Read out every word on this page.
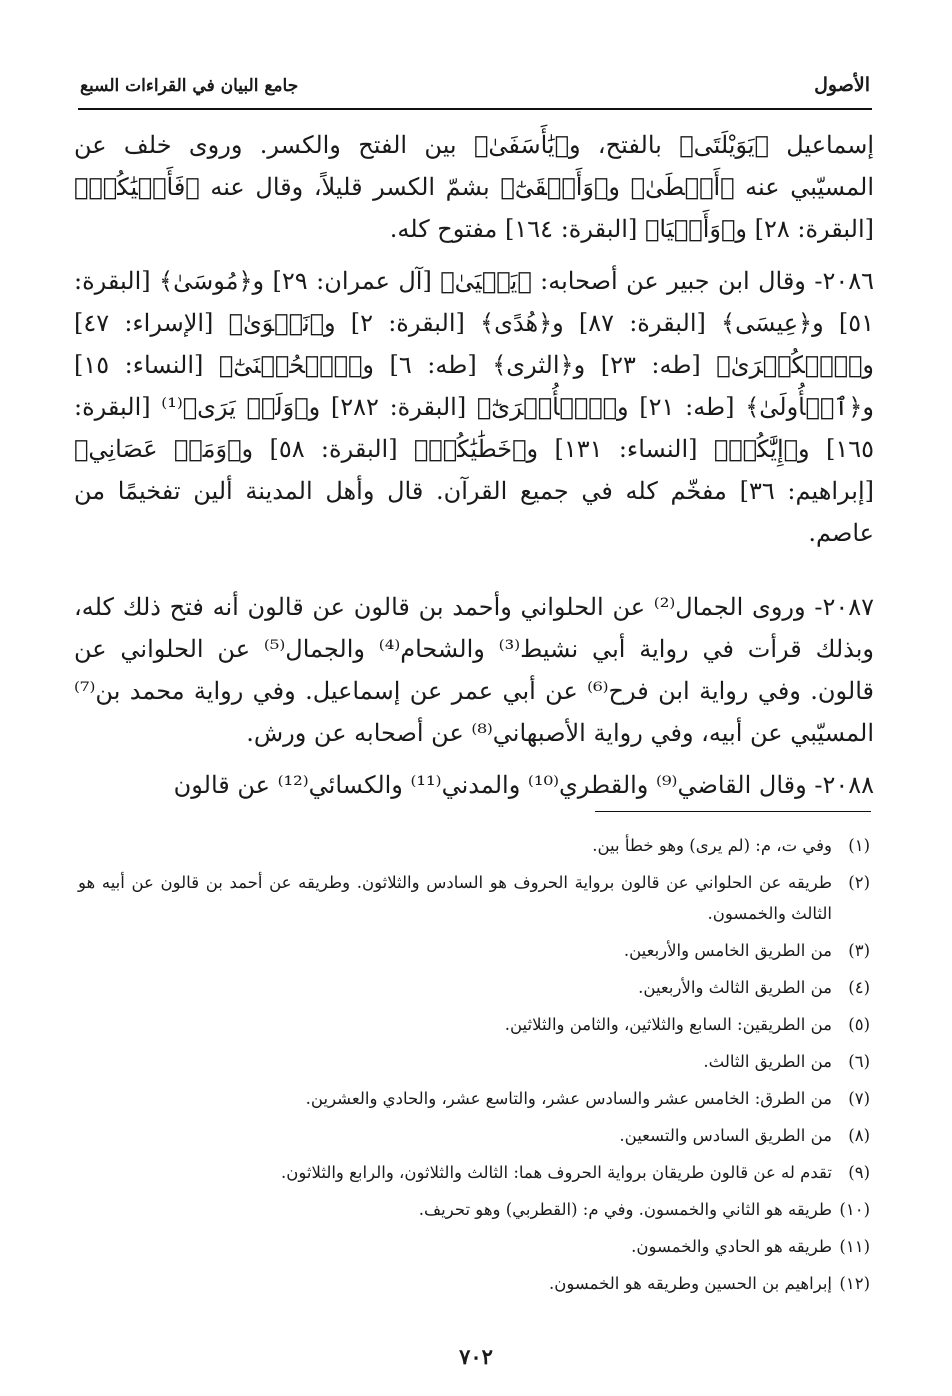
الأصول
جامع البيان في القراءات السبع

إسماعيل ﴿يَوَيْلَتَى﴾ بالفتح، و﴿يَٰأَسَفَىٰ﴾ بين الفتح والكسر. وروى خلف عن المسيّبي عنه ﴿أَعۡطَىٰ﴾ و﴿وَأَبۡقَىٰٓ﴾ بشمّ الكسر قليلاً، وقال عنه ﴿فَأَحۡيَٰكُمۡ﴾ [البقرة: ٢٨] و﴿وَأَحۡيَا﴾ [البقرة: ١٦٤] مفتوح كله.

٢٠٨٦- وقال ابن جبير عن أصحابه: ﴿يَحۡيَىٰ﴾ [آل عمران: ٢٩] و﴿مُوسَىٰ﴾ [البقرة: ٥١] و﴿عِيسَى﴾ [البقرة: ٨٧] و﴿هُدًى﴾ [البقرة: ٢] و﴿نَجۡوَىٰ﴾ [الإسراء: ٤٧] و﴿ٱلۡكُبۡرَىٰ﴾ [طه: ٢٣] و﴿الثرى﴾ [طه: ٦] و﴿ٱلۡحُسۡنَىٰٓ﴾ [النساء: ١٥] و﴿ٱلۡأُولَىٰ﴾ [طه: ٢١] و﴿ٱلۡأُخۡرَىٰٓ﴾ [البقرة: ٢٨٢] و﴿وَلَوۡ يَرَى﴾⁽¹⁾ [البقرة: ١٦٥] و﴿إِيَّٰكُمۡ﴾ [النساء: ١٣١] و﴿خَطَٰيَٰكُمۡ﴾ [البقرة: ٥٨] و﴿وَمَنۡ عَصَانِي﴾ [إبراهيم: ٣٦] مفخّم كله في جميع القرآن. قال وأهل المدينة ألين تفخيمًا من عاصم.

٢٠٨٧- وروى الجمال⁽²⁾ عن الحلواني وأحمد بن قالون عن قالون أنه فتح ذلك كله، وبذلك قرأت في رواية أبي نشيط⁽³⁾ والشحام⁽⁴⁾ والجمال⁽⁵⁾ عن الحلواني عن قالون. وفي رواية ابن فرح⁽⁶⁾ عن أبي عمر عن إسماعيل. وفي رواية محمد بن⁽⁷⁾ المسيّبي عن أبيه، وفي رواية الأصبهاني⁽⁸⁾ عن أصحابه عن ورش.

٢٠٨٨- وقال القاضي⁽⁹⁾ والقطري⁽¹⁰⁾ والمدني⁽¹¹⁾ والكسائي⁽¹²⁾ عن قالون

(١)
وفي ت، م: (لم يرى) وهو خطأ بين.
(٢)
طريقه عن الحلواني عن قالون برواية الحروف هو السادس والثلاثون. وطريقه عن أحمد بن قالون عن أبيه هو الثالث والخمسون.
(٣)
من الطريق الخامس والأربعين.
(٤)
من الطريق الثالث والأربعين.
(٥)
من الطريقين: السابع والثلاثين، والثامن والثلاثين.
(٦)
من الطريق الثالث.
(٧)
من الطرق: الخامس عشر والسادس عشر، والتاسع عشر، والحادي والعشرين.
(٨)
من الطريق السادس والتسعين.
(٩)
تقدم له عن قالون طريقان برواية الحروف هما: الثالث والثلاثون، والرابع والثلاثون.
(١٠)
طريقه هو الثاني والخمسون. وفي م: (القطربي) وهو تحريف.
(١١)
طريقه هو الحادي والخمسون.
(١٢)
إبراهيم بن الحسين وطريقه هو الخمسون.
٧٠٢
